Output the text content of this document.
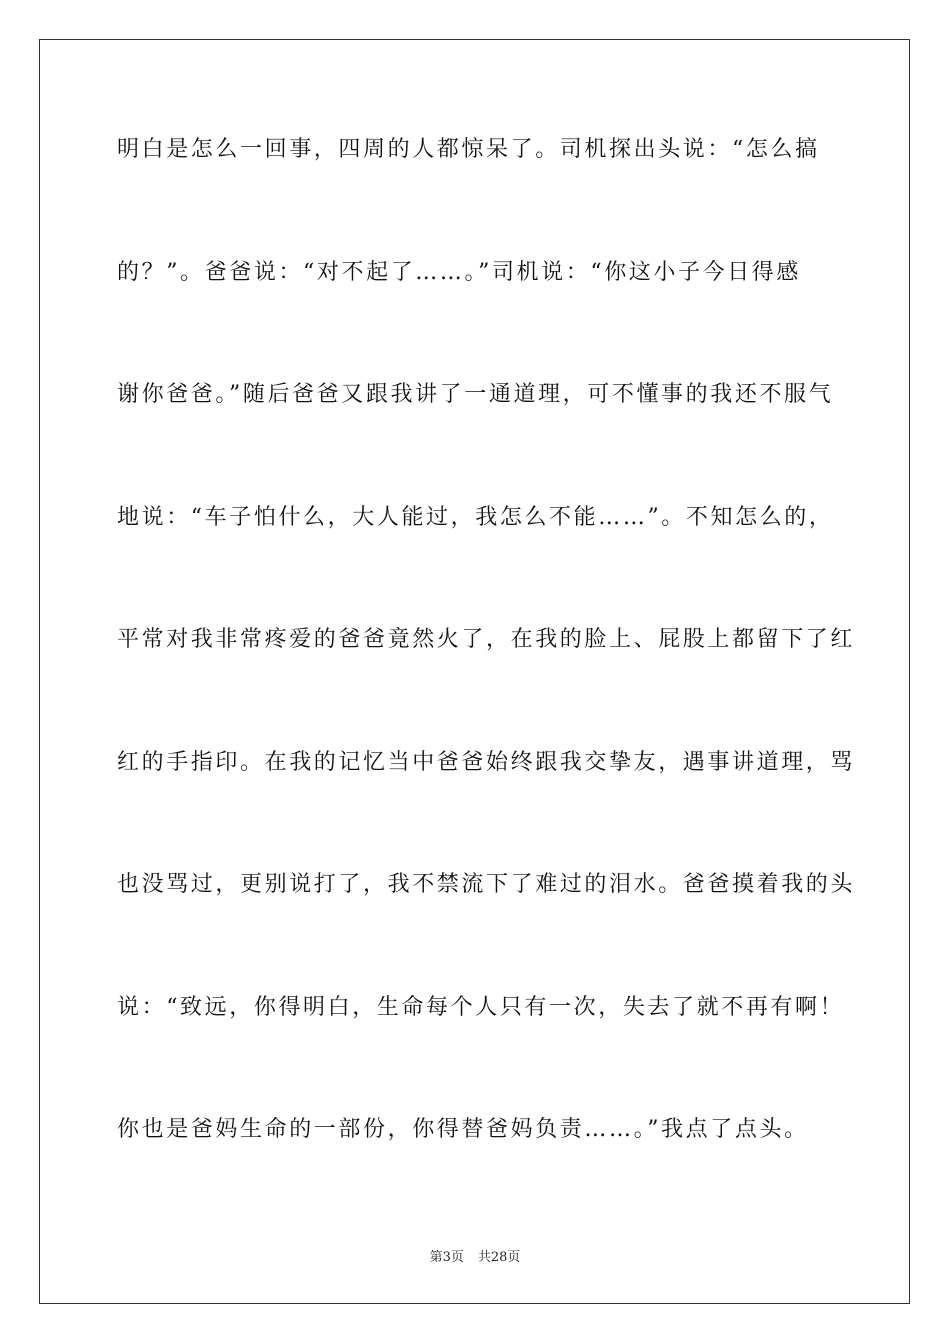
明白是怎么一回事，四周的人都惊呆了。司机探出头说：“怎么搞
的？”。爸爸说：“对不起了……。”司机说：“你这小子今日得感
谢你爸爸。”随后爸爸又跟我讲了一通道理，可不懂事的我还不服气
地说：“车子怕什么，大人能过，我怎么不能……”。不知怎么的，
平常对我非常疼爱的爸爸竟然火了，在我的脸上、屁股上都留下了红
红的手指印。在我的记忆当中爸爸始终跟我交挚友，遇事讲道理，骂
也没骂过，更别说打了，我不禁流下了难过的泪水。爸爸摸着我的头
说：“致远，你得明白，生命每个人只有一次，失去了就不再有啊！
你也是爸妈生命的一部份，你得替爸妈负责……。”我点了点头。
第3页 共28页
